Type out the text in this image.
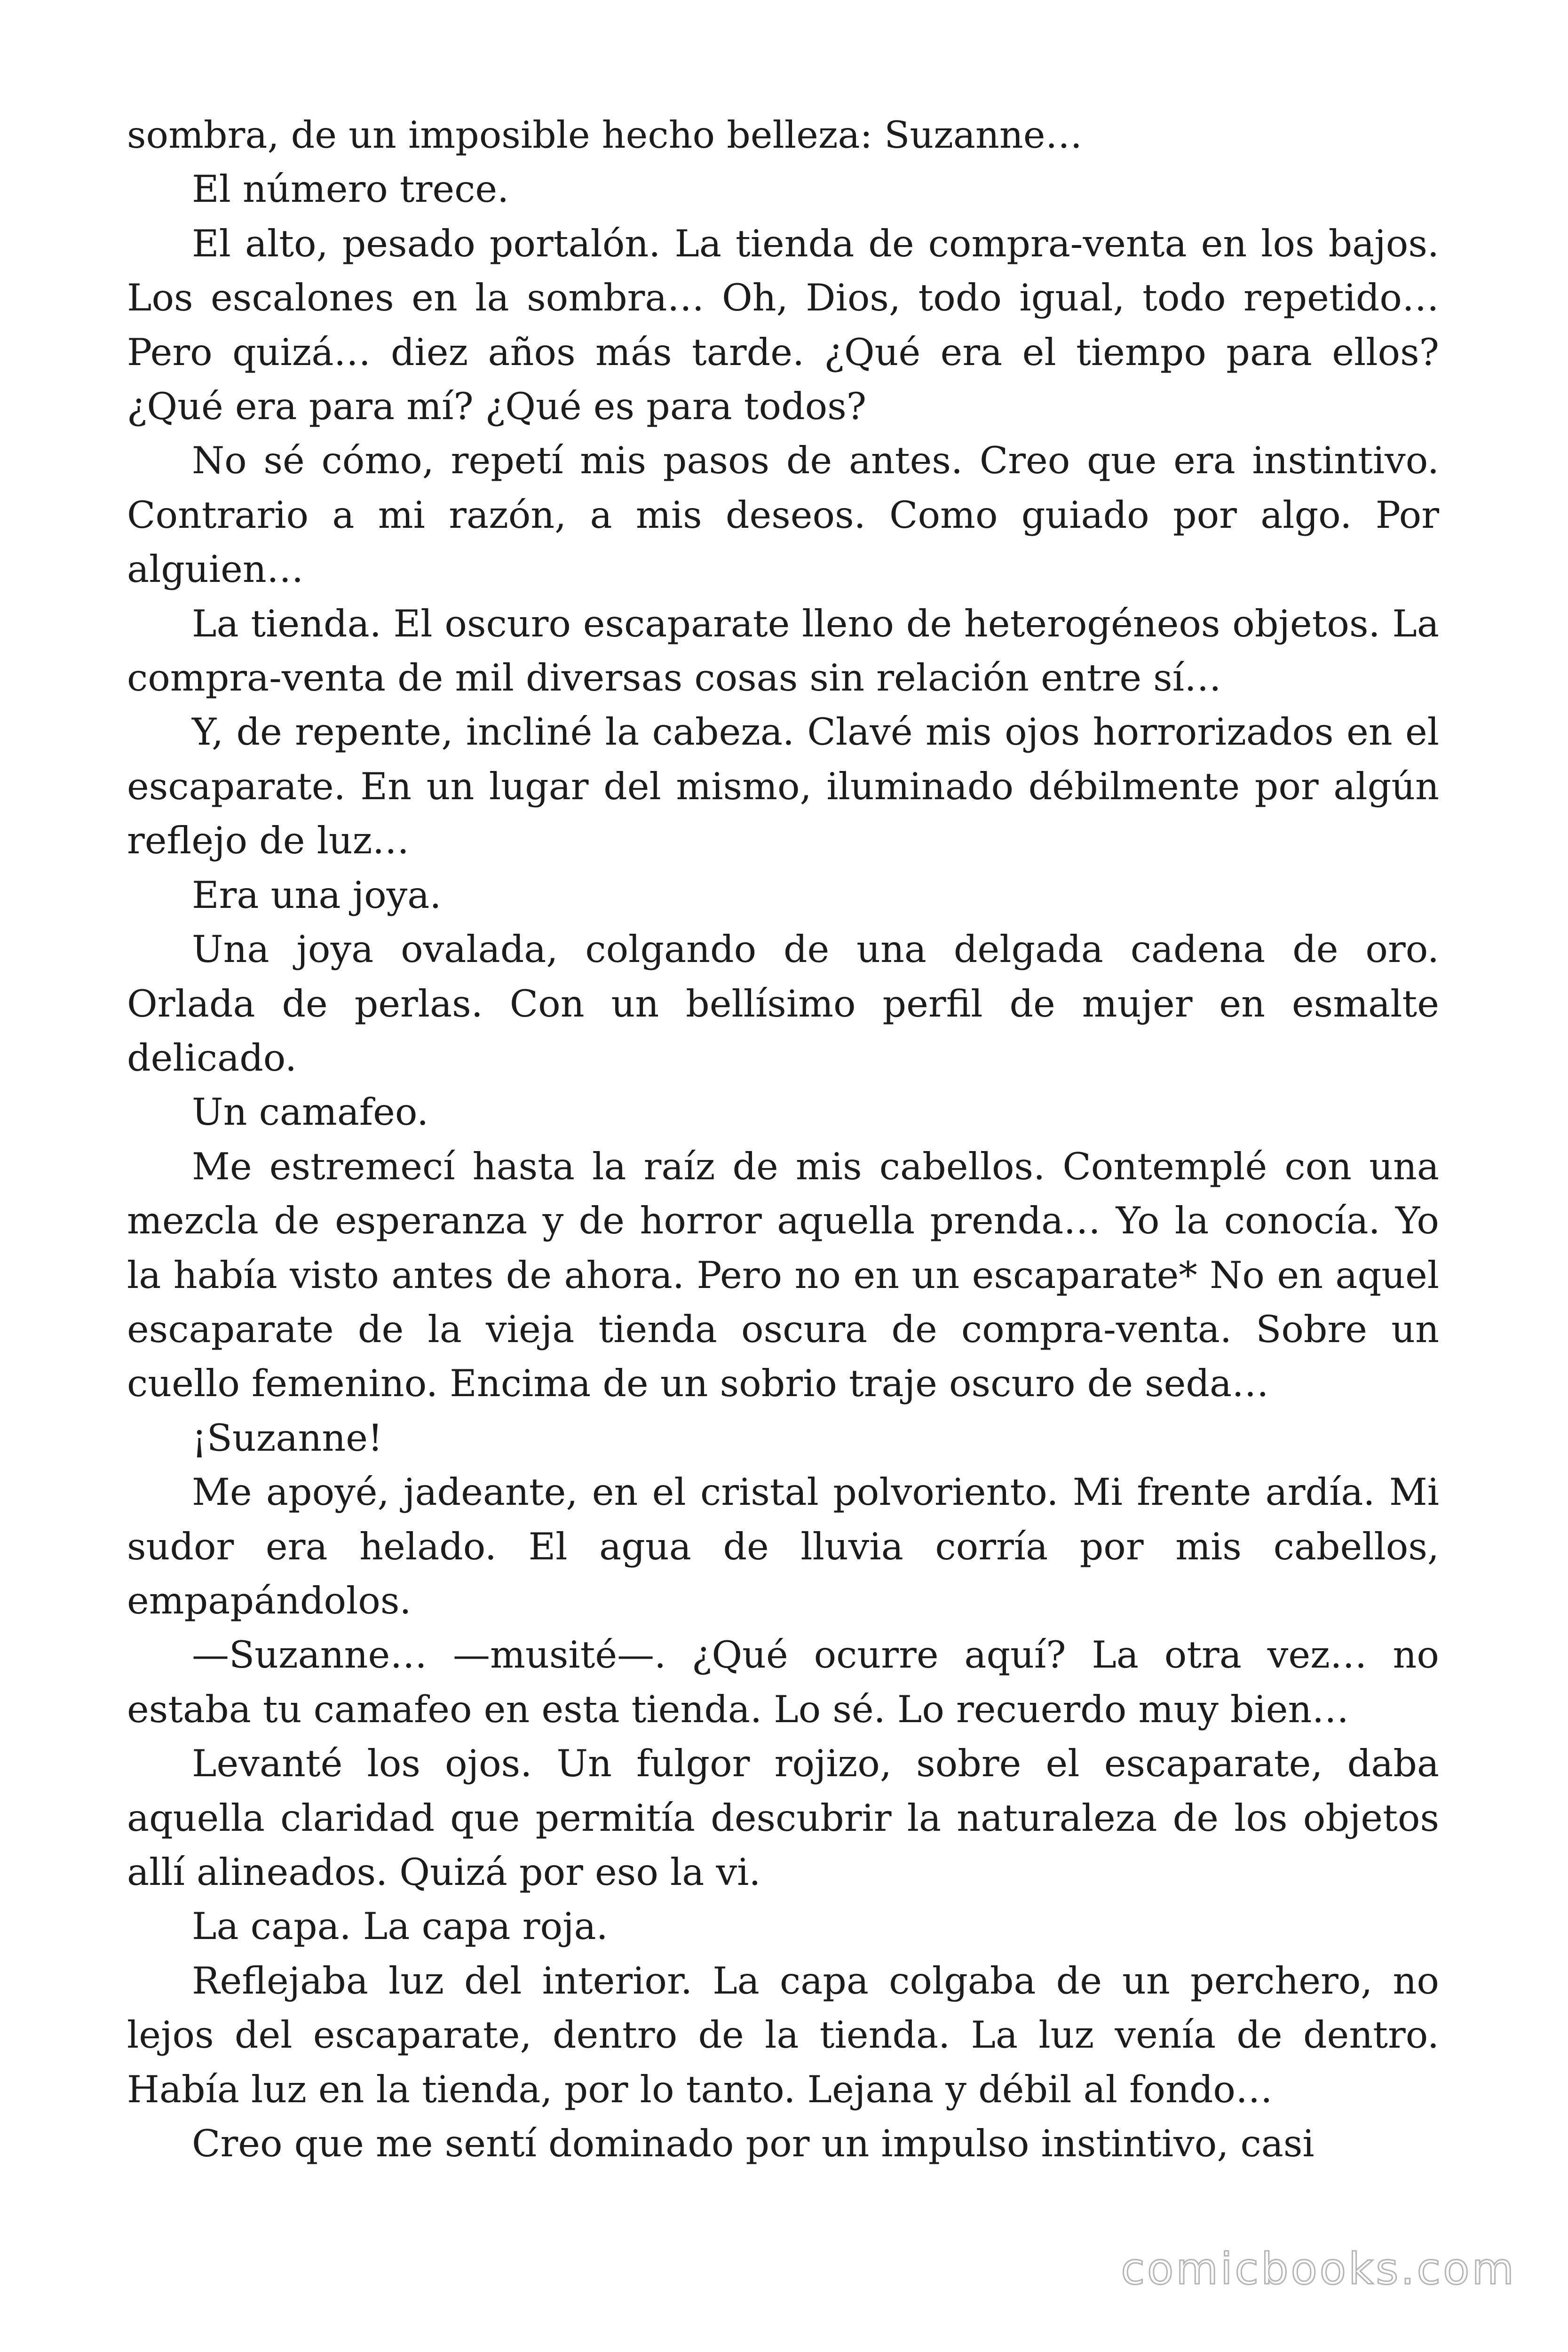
sombra, de un imposible hecho belleza: Suzanne…

El número trece.

El alto, pesado portalón. La tienda de compra-venta en los bajos. Los escalones en la sombra… Oh, Dios, todo igual, todo repetido… Pero quizá… diez años más tarde. ¿Qué era el tiempo para ellos? ¿Qué era para mí? ¿Qué es para todos?

No sé cómo, repetí mis pasos de antes. Creo que era instintivo. Contrario a mi razón, a mis deseos. Como guiado por algo. Por alguien…

La tienda. El oscuro escaparate lleno de heterogéneos objetos. La compra-venta de mil diversas cosas sin relación entre sí…

Y, de repente, incliné la cabeza. Clavé mis ojos horrorizados en el escaparate. En un lugar del mismo, iluminado débilmente por algún reflejo de luz…

Era una joya.

Una joya ovalada, colgando de una delgada cadena de oro. Orlada de perlas. Con un bellísimo perfil de mujer en esmalte delicado.

Un camafeo.

Me estremecí hasta la raíz de mis cabellos. Contemplé con una mezcla de esperanza y de horror aquella prenda… Yo la conocía. Yo la había visto antes de ahora. Pero no en un escaparate* No en aquel escaparate de la vieja tienda oscura de compra-venta. Sobre un cuello femenino. Encima de un sobrio traje oscuro de seda…

¡Suzanne!

Me apoyé, jadeante, en el cristal polvoriento. Mi frente ardía. Mi sudor era helado. El agua de lluvia corría por mis cabellos, empapándolos.

—Suzanne… —musité—. ¿Qué ocurre aquí? La otra vez… no estaba tu camafeo en esta tienda. Lo sé. Lo recuerdo muy bien…

Levanté los ojos. Un fulgor rojizo, sobre el escaparate, daba aquella claridad que permitía descubrir la naturaleza de los objetos allí alineados. Quizá por eso la vi.

La capa. La capa roja.

Reflejaba luz del interior. La capa colgaba de un perchero, no lejos del escaparate, dentro de la tienda. La luz venía de dentro. Había luz en la tienda, por lo tanto. Lejana y débil al fondo…

Creo que me sentí dominado por un impulso instintivo, casi

comicbooks.com
